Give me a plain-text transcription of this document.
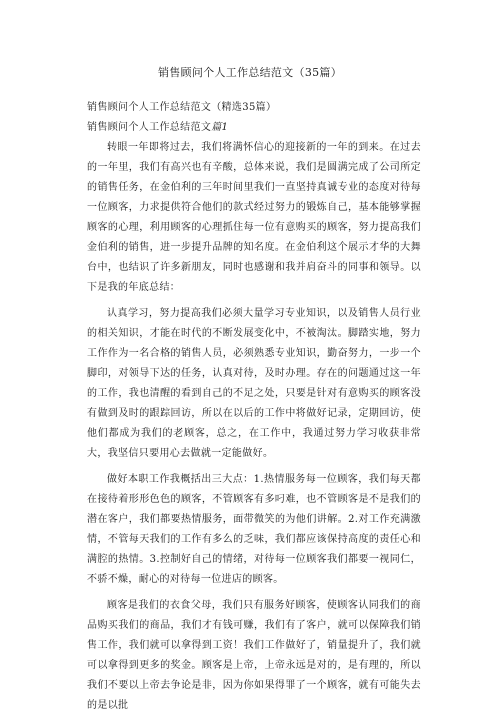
销售顾问个人工作总结范文（35篇）

销售顾问个人工作总结范文（精选35篇）

销售顾问个人工作总结范文篇1

转眼一年即将过去，我们将满怀信心的迎接新的一年的到来。在过去的一年里，我们有高兴也有辛酸，总体来说，我们是圆满完成了公司所定的销售任务，在金伯利的三年时间里我们一直坚持真诚专业的态度对待每一位顾客，力求提供符合他们的款式经过努力的锻炼自己，基本能够掌握顾客的心理，利用顾客的心理抓住每一位有意购买的顾客，努力提高我们金伯利的销售，进一步提升品牌的知名度。在金伯利这个展示才华的大舞台中，也结识了许多新朋友，同时也感谢和我并肩奋斗的同事和领导。以下是我的年底总结：

认真学习，努力提高我们必须大量学习专业知识，以及销售人员行业的相关知识，才能在时代的不断发展变化中，不被淘汰。脚踏实地，努力工作作为一名合格的销售人员，必须熟悉专业知识，勤奋努力，一步一个脚印，对领导下达的任务，认真对待，及时办理。存在的问题通过这一年的工作，我也清醒的看到自己的不足之处，只要是针对有意购买的顾客没有做到及时的跟踪回访，所以在以后的工作中将做好记录，定期回访，使他们都成为我们的老顾客，总之，在工作中，我通过努力学习收获非常大，我坚信只要用心去做就一定能做好。

做好本职工作我概括出三大点：1.热情服务每一位顾客，我们每天都在接待着形形色色的顾客，不管顾客有多叼难，也不管顾客是不是我们的潜在客户，我们都要热情服务，面带微笑的为他们讲解。2.对工作充满激情，不管每天我们的工作有多么的乏味，我们都应该保持高度的责任心和满腔的热情。3.控制好自己的情绪，对待每一位顾客我们都要一视同仁，不骄不燥，耐心的对待每一位进店的顾客。

顾客是我们的衣食父母，我们只有服务好顾客，使顾客认同我们的商品购买我们的商品，我们才有钱可赚，我们有了客户，就可以保障我们销售工作，我们就可以拿得到工资！我们工作做好了，销量提升了，我们就可以拿得到更多的奖金。顾客是上帝，上帝永远是对的，是有理的，所以我们不要以上帝去争论是非，因为你如果得罪了一个顾客，就有可能失去的是以批
